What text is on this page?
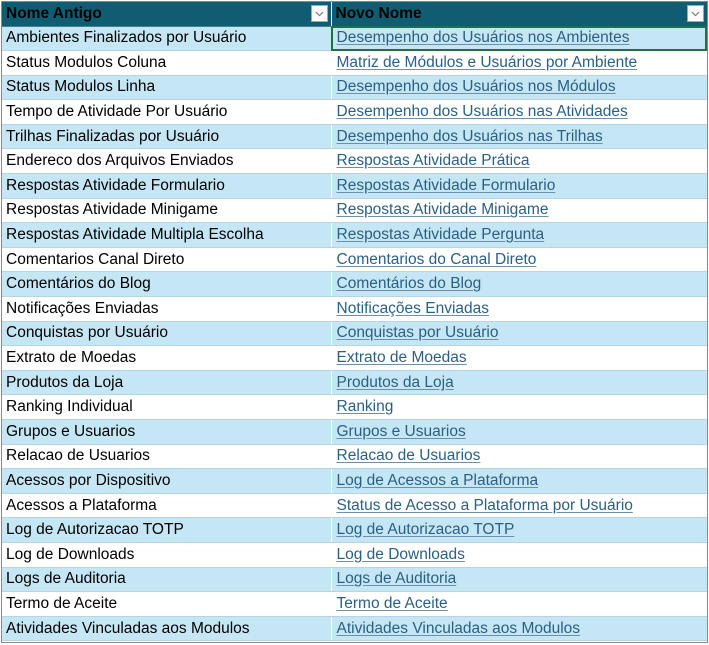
Nome Antigo	Novo Nome

Ambientes Finalizados por Usuário	Desempenho dos Usuários nos Ambientes
Status Modulos Coluna	Matriz de Módulos e Usuários por Ambiente
Status Modulos Linha	Desempenho dos Usuários nos Módulos
Tempo de Atividade Por Usuário	Desempenho dos Usuários nas Atividades
Trilhas Finalizadas por Usuário	Desempenho dos Usuários nas Trilhas
Endereco dos Arquivos Enviados	Respostas Atividade Prática
Respostas Atividade Formulario	Respostas Atividade Formulario
Respostas Atividade Minigame	Respostas Atividade Minigame
Respostas Atividade Multipla Escolha	Respostas Atividade Pergunta
Comentarios Canal Direto	Comentarios do Canal Direto
Comentários do Blog	Comentários do Blog
Notificações Enviadas	Notificações Enviadas
Conquistas por Usuário	Conquistas por Usuário
Extrato de Moedas	Extrato de Moedas
Produtos da Loja	Produtos da Loja
Ranking Individual	Ranking
Grupos e Usuarios	Grupos e Usuarios
Relacao de Usuarios	Relacao de Usuarios
Acessos por Dispositivo	Log de Acessos a Plataforma
Acessos a Plataforma	Status de Acesso a Plataforma por Usuário
Log de Autorizacao TOTP	Log de Autorizacao TOTP
Log de Downloads	Log de Downloads
Logs de Auditoria	Logs de Auditoria
Termo de Aceite	Termo de Aceite
Atividades Vinculadas aos Modulos	Atividades Vinculadas aos Modulos
